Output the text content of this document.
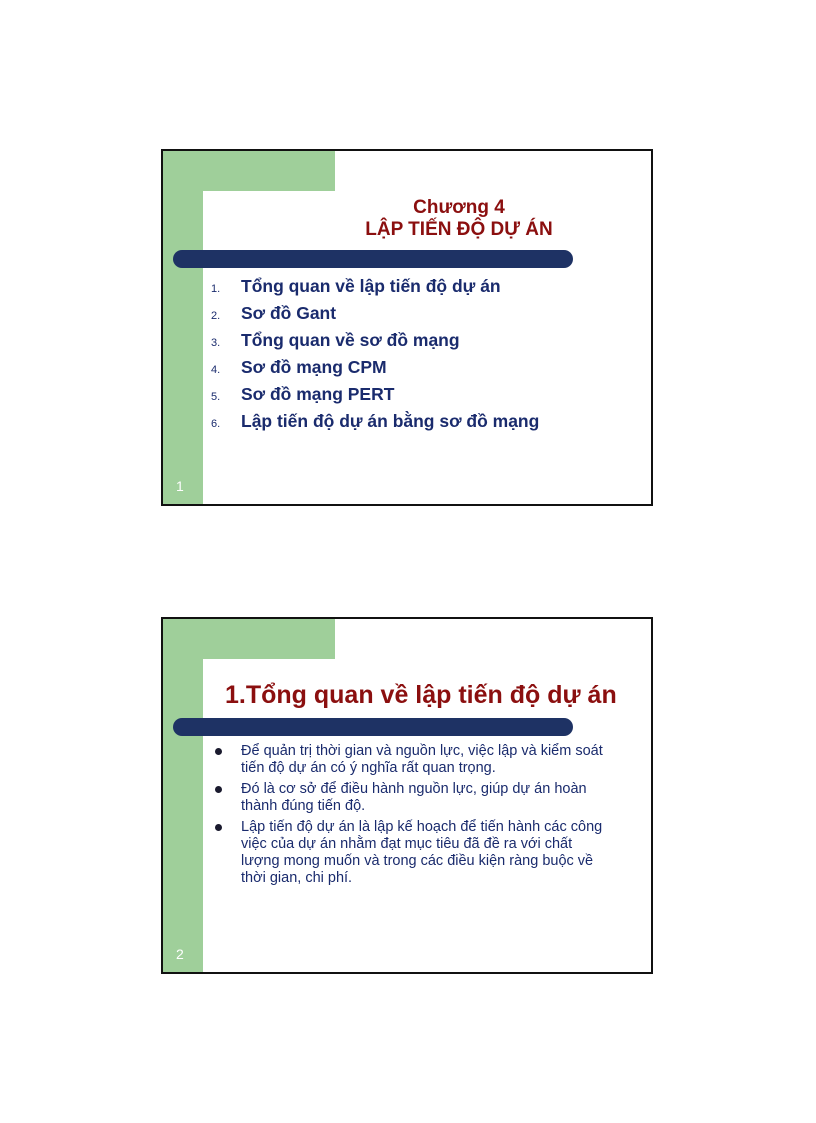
Chương 4
LẬP TIẾN ĐỘ DỰ ÁN
1.	Tổng quan về lập tiến độ dự án
2.	Sơ đồ Gant
3.	Tổng quan về sơ đồ mạng
4.	Sơ đồ mạng CPM
5.	Sơ đồ mạng PERT
6.	Lập tiến độ dự án bằng sơ đồ mạng
1
1.Tổng quan về lập tiến độ dự án
Để quản trị thời gian và nguồn lực, việc lập và kiểm soát tiến độ dự án có ý nghĩa rất quan trọng.
Đó là cơ sở để điều hành nguồn lực, giúp dự án hoàn thành đúng tiến độ.
Lập tiến độ dự án là lập kế hoạch để tiến hành các công việc của dự án nhằm đạt mục tiêu đã đề ra với chất lượng mong muốn và trong các điều kiện ràng buộc về thời gian, chi phí.
2
